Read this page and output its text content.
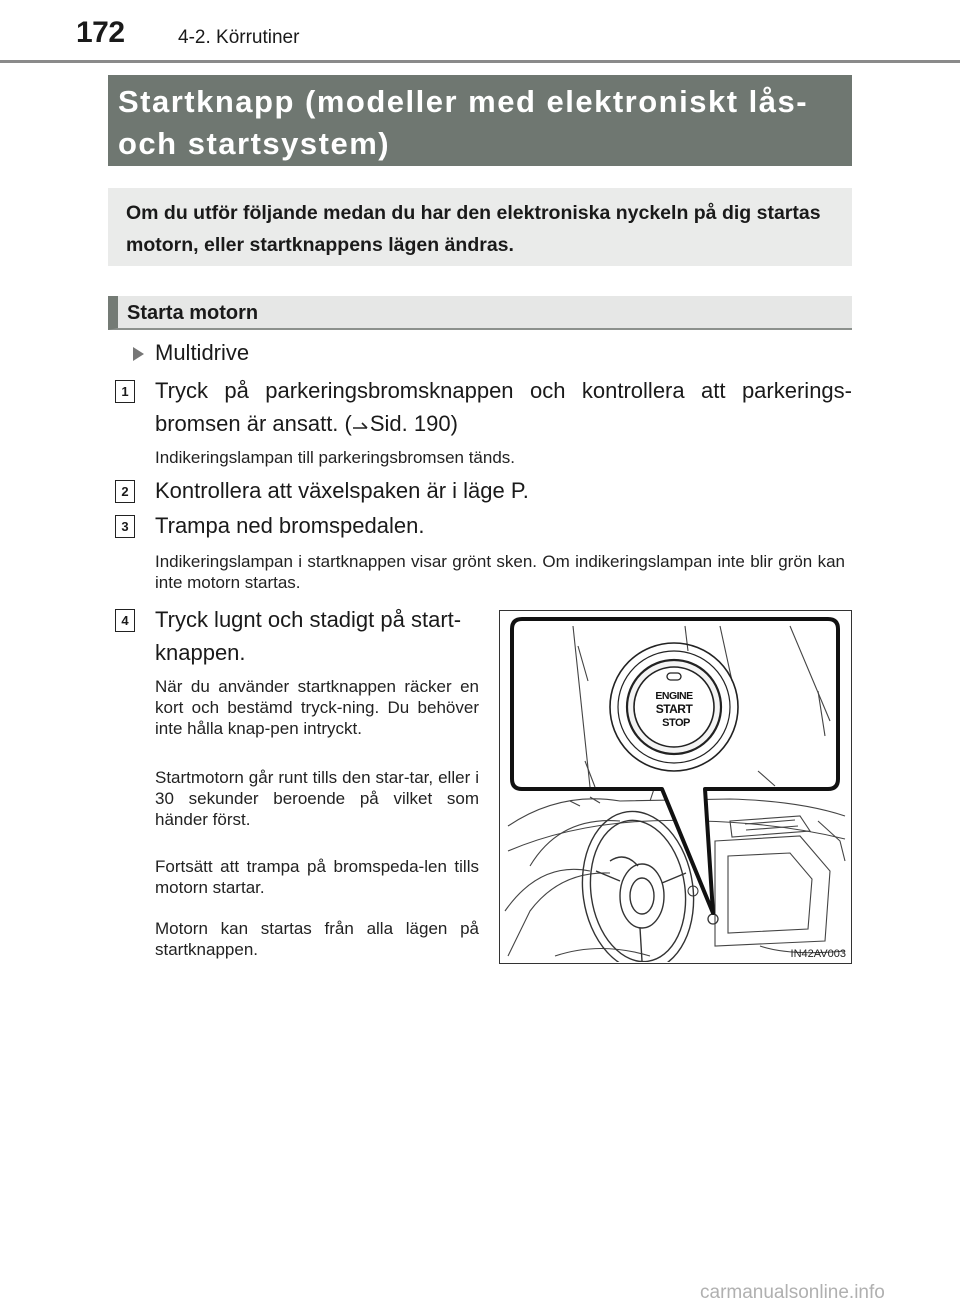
172	4-2. Körrutiner
Startknapp (modeller med elektroniskt lås- och startsystem)
Om du utför följande medan du har den elektroniska nyckeln på dig startas motorn, eller startknappens lägen ändras.
Starta motorn
Multidrive
1 Tryck på parkeringsbromsknappen och kontrollera att parkerings-bromsen är ansatt. ( Sid. 190)
Indikeringslampan till parkeringsbromsen tänds.
2 Kontrollera att växelspaken är i läge P.
3 Trampa ned bromspedalen.
Indikeringslampan i startknappen visar grönt sken. Om indikeringslampan inte blir grön kan inte motorn startas.
4 Tryck lugnt och stadigt på start-knappen.
När du använder startknappen räcker en kort och bestämd tryck-ning. Du behöver inte hålla knap-pen intryckt.
Startmotorn går runt tills den star-tar, eller i 30 sekunder beroende på vilket som händer först.
Fortsätt att trampa på bromspeda-len tills motorn startar.
Motorn kan startas från alla lägen på startknappen.
ENGINE
START
STOP
IN42AV003
carmanualsonline.info
